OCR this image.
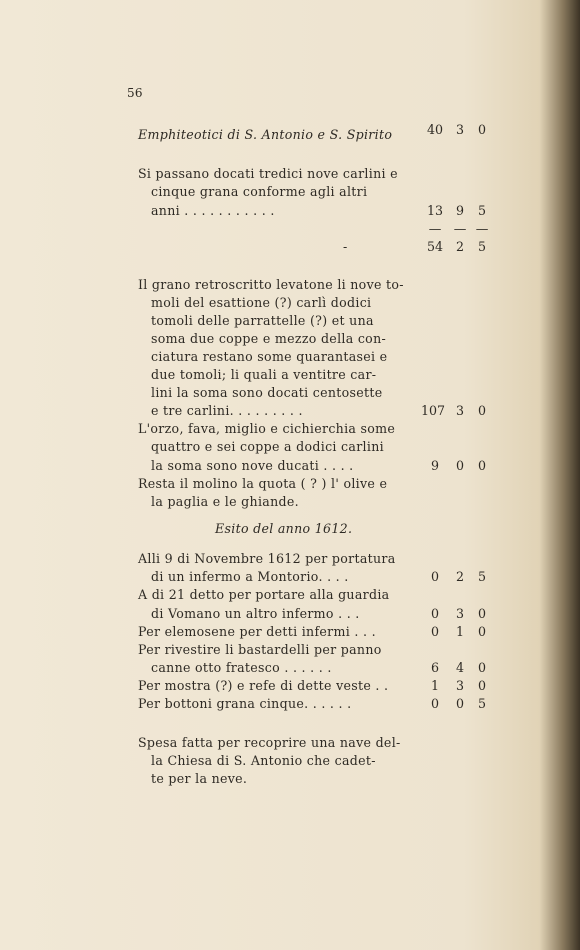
56
Emphiteotici di S. Antonio e S. Spirito	40	3	0
Si passano docati tredici nove carlini e
cinque grana conforme agli altri
anni . . . . . . . . . . .	13	9	5
— — —
-	54	2	5
Il grano retroscritto levatone li nove to-
moli del esattione (?) carlì dodici
tomoli delle parrattelle (?) et una
soma due coppe e mezzo della con-
ciatura restano some quarantasei e
due tomoli; li quali a ventitre car-
lini la soma sono docati centosette
e tre carlini. . . . . . . . .	107 3	0
L'orzo, fava, miglio e cichierchia some
quattro e sei coppe a dodici carlini
la soma sono nove ducati . . . .	9	0	0
Resta il molino la quota ( ? ) l' olive e
la paglia e le ghiande.
Esito del anno 1612.
Alli 9 di Novembre 1612 per portatura
di un infermo a Montorio. . . .	0	2	5
A di 21 detto per portare alla guardia
di Vomano un altro infermo . . .	0	3	0
Per elemosene per detti infermi . . .	0	1	0
Per rivestire li bastardelli per panno
canne otto fratesco . . . . . .	6	4	0
Per mostra (?) e refe di dette veste . .	1	3	0
Per bottoni grana cinque. . . . . .	0	0	5
Spesa fatta per recoprire una nave del-
la Chiesa di S. Antonio che cadet-
te per la neve.
